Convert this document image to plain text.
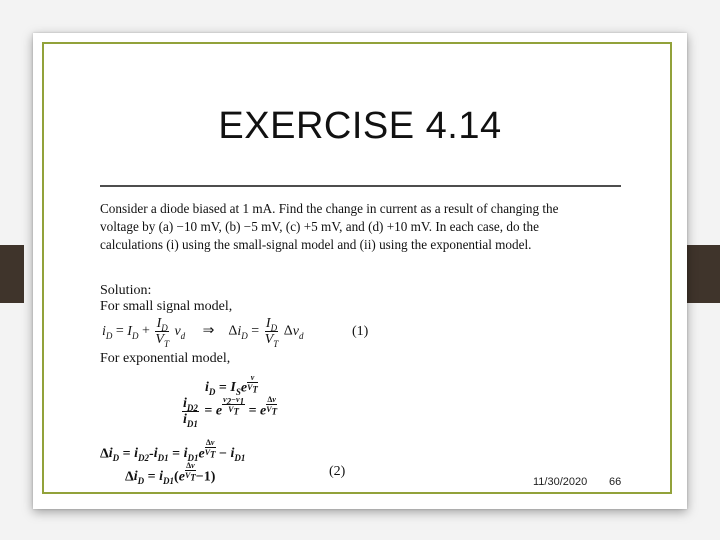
EXERCISE 4.14
Consider a diode biased at 1 mA. Find the change in current as a result of changing the voltage by (a) −10 mV, (b) −5 mV, (c) +5 mV, and (d) +10 mV. In each case, do the calculations (i) using the small-signal model and (ii) using the exponential model.
Solution:
For small signal model,
$i_D = I_D + \frac{I_D}{V_T} v_d$     ⇒    $\Delta i_D = \frac{I_D}{V_T} \Delta v_d$	(1)
For exponential model,
$i_D = I_Se$ $^{\frac{v}{V_T}}$
$\frac{i_{D2}}{i_{D1}} = e$ $^{\frac{v_2-v_1}{V_T}}$ = e $^{\frac{\Delta v}{V_T}}$
$\Delta i_D = i_{D2}-i_{D1} = i_{D1}e$ $^{\frac{\Delta v}{V_T}} - i_{D1}$
$\Delta i_D = i_{D1}(e$ $^{\frac{\Delta v}{V_T}}$ −1)	(2)
11/30/2020 66
